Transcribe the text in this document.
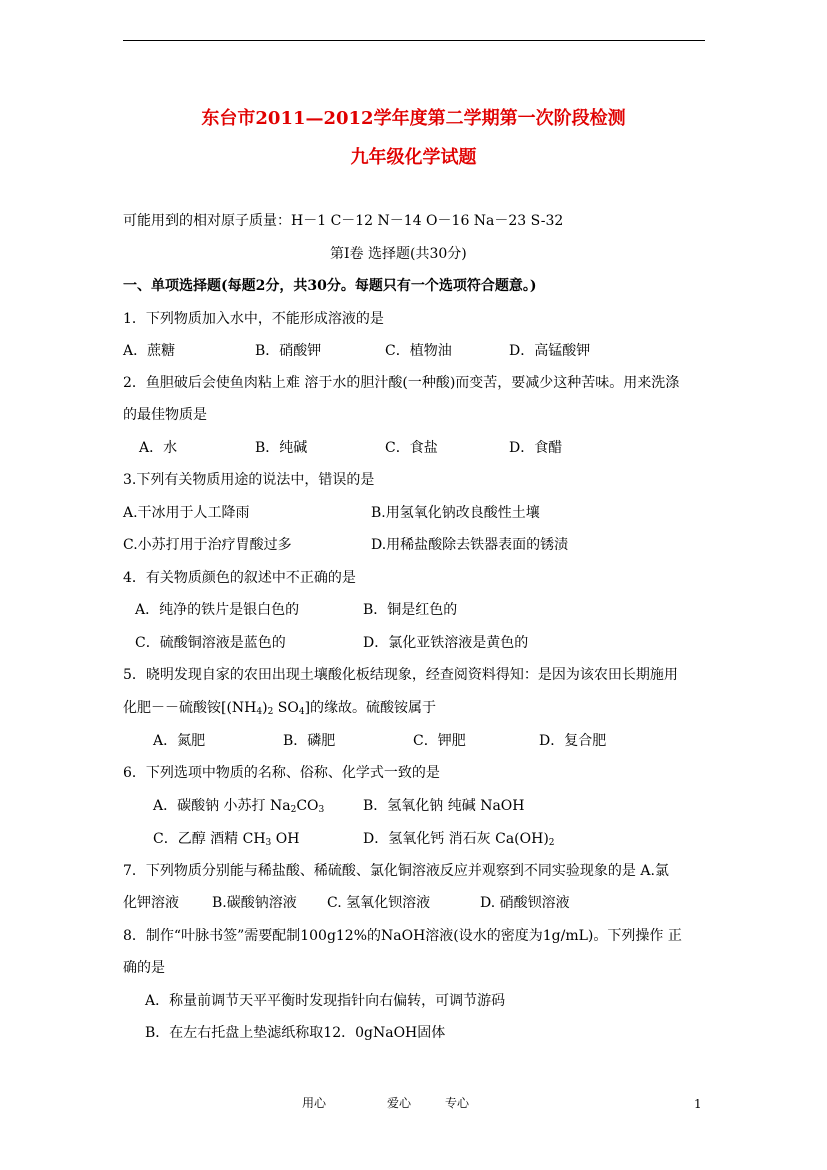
东台市2011—2012学年度第二学期第一次阶段检测
九年级化学试题
可能用到的相对原子质量：H－1 C－12 N－14 O－16 Na－23 S-32
第Ⅰ卷 选择题(共30分)
一、单项选择题(每题2分，共30分。每题只有一个选项符合题意。)
1．下列物质加入水中，不能形成溶液的是
A．蔗糖	B．硝酸钾	C．植物油	D．高锰酸钾
2．鱼胆破后会使鱼肉粘上难 溶于水的胆汁酸(一种酸)而变苦，要减少这种苦味。用来洗涤
的最佳物质是
A．水	B．纯碱	C．食盐	D．食醋
3.下列有关物质用途的说法中，错误的是
A.干冰用于人工降雨	B.用氢氧化钠改良酸性土壤
C.小苏打用于治疗胃酸过多	D.用稀盐酸除去铁器表面的锈渍
4．有关物质颜色的叙述中不正确的是
A．纯净的铁片是银白色的	B．铜是红色的
C．硫酸铜溶液是蓝色的	D．氯化亚铁溶液是黄色的
5．晓明发现自家的农田出现土壤酸化板结现象，经查阅资料得知：是因为该农田长期施用
化肥－－硫酸铵[$(NH_4)_2$ $SO_4$]的缘故。硫酸铵属于
A．氮肥	B．磷肥	C．钾肥	D．复合肥
6．下列选项中物质的名称、俗称、化学式一致的是
A．碳酸钠 小苏打 $Na_2CO_3$	B．氢氧化钠 纯碱 NaOH
C．乙醇 酒精 $CH_3$ OH	D．氢氧化钙 消石灰 $Ca(OH)_2$
7．下列物质分别能与稀盐酸、稀硫酸、氯化铜溶液反应并观察到不同实验现象的是 A.氯
化钾溶液 B.碳酸钠溶液 C. 氢氧化钡溶液	D. 硝酸钡溶液
8．制作“叶脉书签”需要配制100g12%的NaOH溶液(设水的密度为1g/mL)。下列操作 正
确的是
A．称量前调节天平平衡时发现指针向右偏转，可调节游码
B．在左右托盘上垫滤纸称取12．0gNaOH固体
用心	爱心	专心	1
